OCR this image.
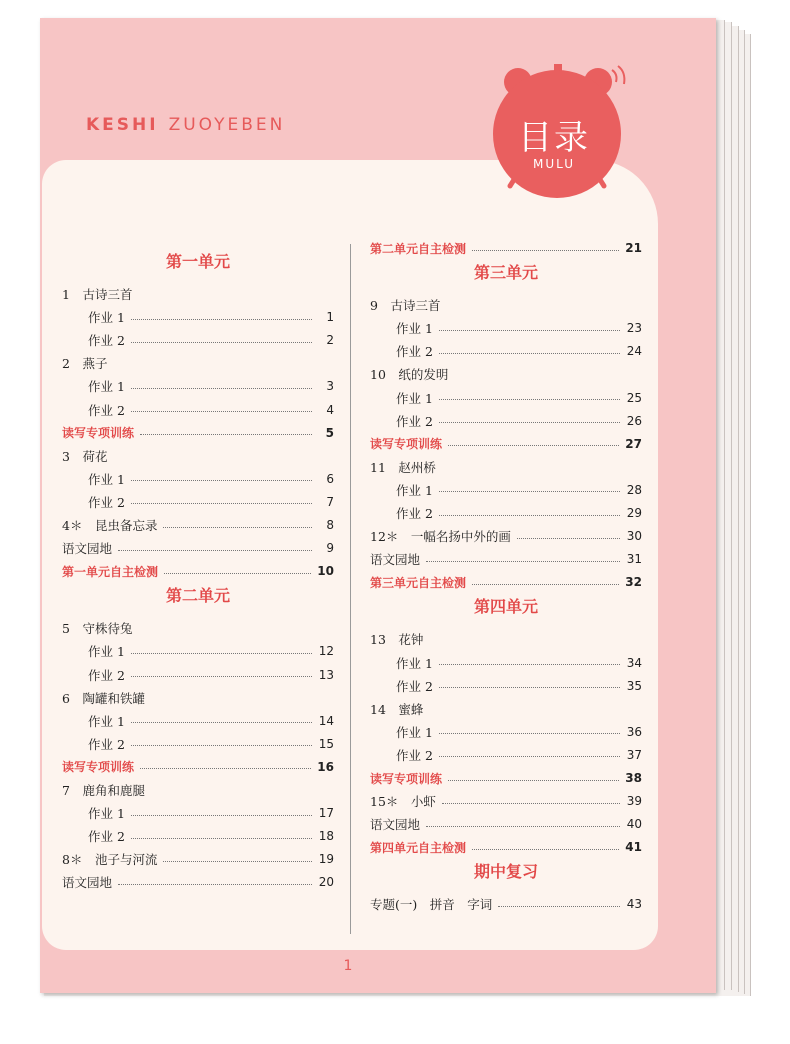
KESHI ZUOYEBEN	目录
MULU
第一单元
1　古诗三首
作业 1	1
作业 2	2
2　燕子
作业 1	3
作业 2	4
读写专项训练	5
3　荷花
作业 1	6
作业 2	7
4＊　昆虫备忘录	8
语文园地	9
第一单元自主检测	10
第二单元
5　守株待兔
作业 1	12
作业 2	13
6　陶罐和铁罐
作业 1	14
作业 2	15
读写专项训练	16
7　鹿角和鹿腿
作业 1	17
作业 2	18
8＊　池子与河流	19
语文园地	20
第二单元自主检测	21
第三单元
9　古诗三首
作业 1	23
作业 2	24
10　纸的发明
作业 1	25
作业 2	26
读写专项训练	27
11　赵州桥
作业 1	28
作业 2	29
12＊　一幅名扬中外的画	30
语文园地	31
第三单元自主检测	32
第四单元
13　花钟
作业 1	34
作业 2	35
14　蜜蜂
作业 1	36
作业 2	37
读写专项训练	38
15＊　小虾	39
语文园地	40
第四单元自主检测	41
期中复习
专题(一)　拼音　字词	43
1
